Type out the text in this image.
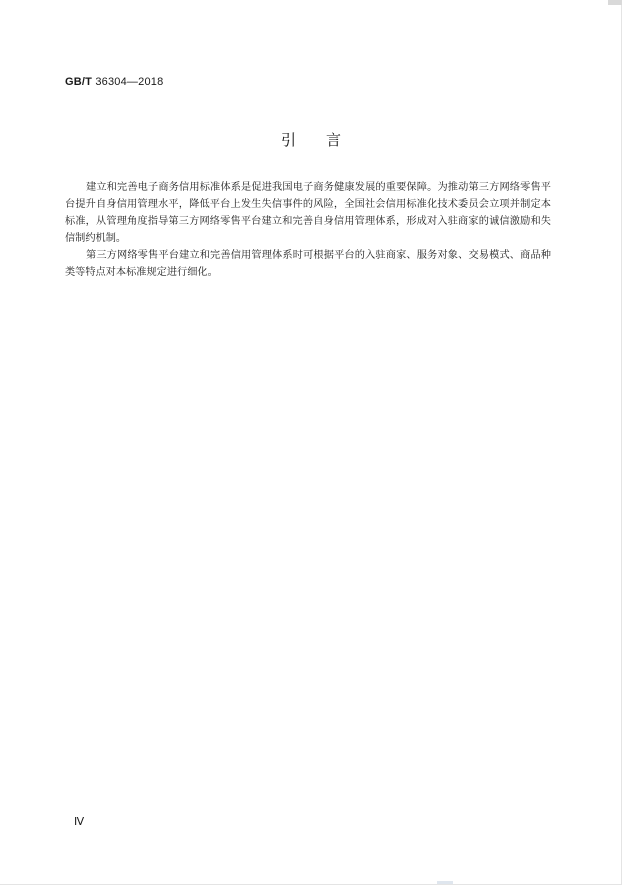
GB/T 36304—2018
引言

建立和完善电子商务信用标准体系是促进我国电子商务健康发展的重要保障。为推动第三方网络零售平台提升自身信用管理水平，降低平台上发生失信事件的风险，全国社会信用标准化技术委员会立项并制定本标准，从管理角度指导第三方网络零售平台建立和完善自身信用管理体系，形成对入驻商家的诚信激励和失信制约机制。

第三方网络零售平台建立和完善信用管理体系时可根据平台的入驻商家、服务对象、交易模式、商品种类等特点对本标准规定进行细化。

Ⅳ
